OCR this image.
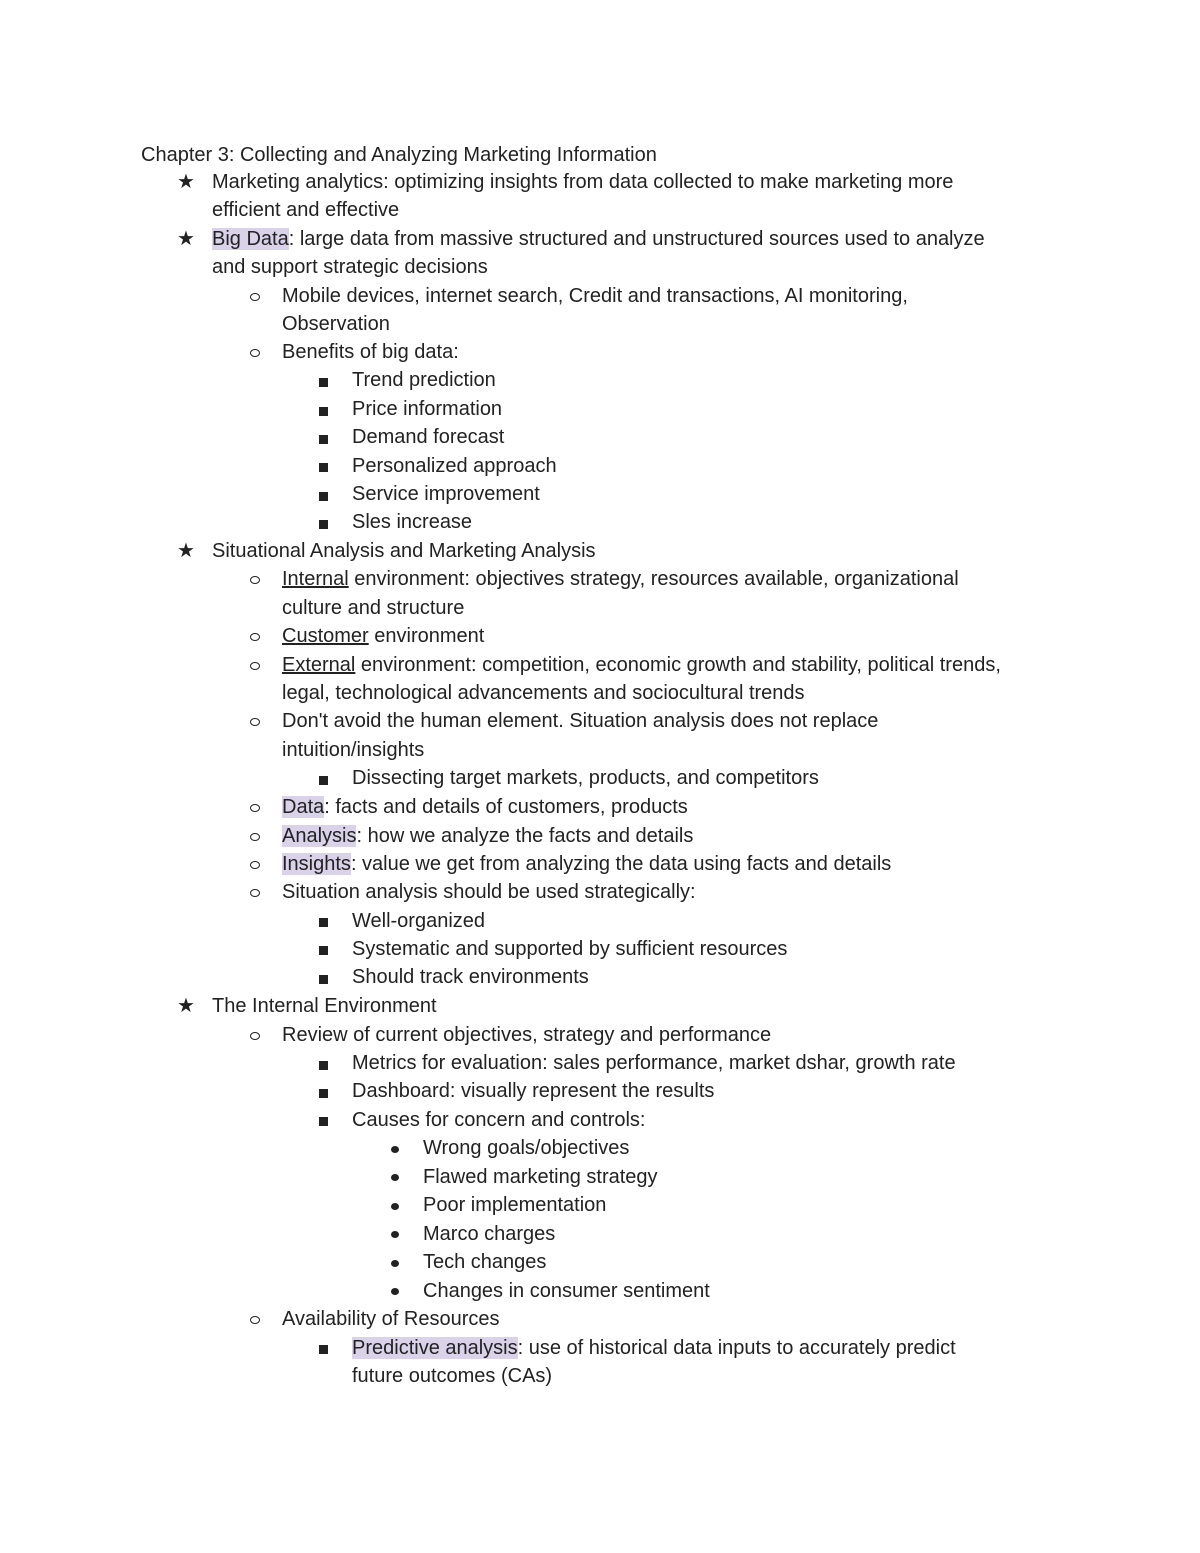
Chapter 3: Collecting and Analyzing Marketing Information
★ Marketing analytics: optimizing insights from data collected to make marketing more
efficient and effective
★ Big Data: large data from massive structured and unstructured sources used to analyze
and support strategic decisions
Mobile devices, internet search, Credit and transactions, AI monitoring,
Observation
Benefits of big data:
Trend prediction
Price information
Demand forecast
Personalized approach
Service improvement
Sles increase
★ Situational Analysis and Marketing Analysis
Internal environment: objectives strategy, resources available, organizational
culture and structure
Customer environment
External environment: competition, economic growth and stability, political trends,
legal, technological advancements and sociocultural trends
Don't avoid the human element. Situation analysis does not replace
intuition/insights
Dissecting target markets, products, and competitors
Data: facts and details of customers, products
Analysis: how we analyze the facts and details
Insights: value we get from analyzing the data using facts and details
Situation analysis should be used strategically:
Well-organized
Systematic and supported by sufficient resources
Should track environments
★ The Internal Environment
Review of current objectives, strategy and performance
Metrics for evaluation: sales performance, market dshar, growth rate
Dashboard: visually represent the results
Causes for concern and controls:
Wrong goals/objectives
Flawed marketing strategy
Poor implementation
Marco charges
Tech changes
Changes in consumer sentiment
Availability of Resources
Predictive analysis: use of historical data inputs to accurately predict
future outcomes (CAs)
